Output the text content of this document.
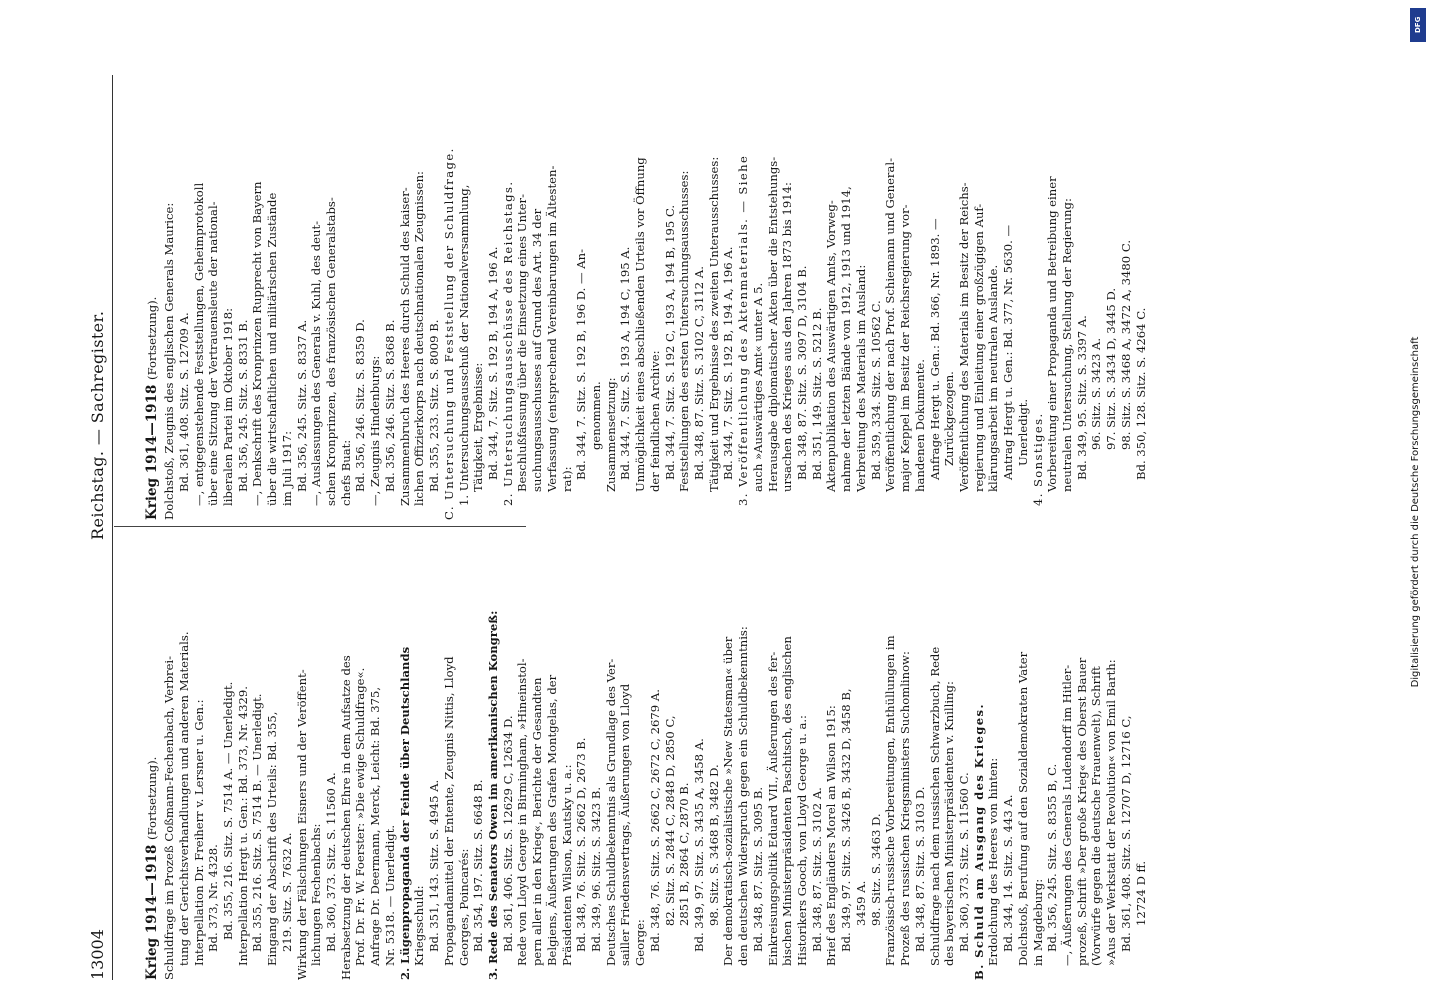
13004
Reichstag. — Sachregister.
Krieg 1914—1918 (Fortsetzung). Schuldfrage im Prozeß Coßmann-Fechenbach, Verbrei- tung der Gerichtsverhandlungen und anderen Materials. Interpellation Dr. Freiherr v. Lersner u. Gen.: Bd. 373, Nr. 4328. Bd. 355, 216. Sitz. S. 7514 A. — Unerledigt. Interpellation Hergt u. Gen.: Bd. 373, Nr. 4329. Bd. 355, 216. Sitz. S. 7514 B. — Unerledigt. Eingang der Abschrift des Urteils: Bd. 355, 219. Sitz. S. 7632 A. Wirkung der Fälschungen Eisners und der Veröffent- lichungen Fechenbachs: Bd. 360, 373. Sitz. S. 11560 A. Herabsetzung der deutschen Ehre in dem Aufsatze des Prof. Dr. Fr. W. Foerster: »Die ewige Schuldfrage«. Anfrage Dr. Deermann, Merck, Leicht: Bd. 375, Nr. 5318. — Unerledigt. 2. Lügenpropaganda der Feinde über Deutschlands Kriegsschuld: Bd. 351, 143. Sitz. S. 4945 A. Propagandamittel der Entente, Zeugnis Nittis, Lloyd Georges, Poincarés: Bd. 354, 197. Sitz. S. 6648 B. 3. Rede des Senators Owen im amerikanischen Kongreß: Bd. 361, 406. Sitz. S. 12629 C, 12634 D. Rede von Lloyd George in Birmingham, »Hineinstol- pern aller in den Krieg«, Berichte der Gesandten Belgiens, Äußerungen des Grafen Montgelas, der Präsidenten Wilson, Kautsky u. a.: Bd. 348, 76. Sitz. S. 2662 D, 2673 B. Bd. 349, 96. Sitz. S. 3423 B. Deutsches Schuldbekenntnis als Grundlage des Ver- sailler Friedensvertrags, Äußerungen von Lloyd George: Bd. 348, 76. Sitz. S. 2662 C, 2672 C, 2679 A. 82. Sitz. S. 2844 C, 2848 D, 2850 C, 2851 B, 2864 C, 2870 B. Bd. 349, 97. Sitz. S. 3435 A, 3458 A. 98. Sitz. S. 3468 B, 3482 D. Der demokratisch-sozialistische »New Statesman« über den deutschen Widerspruch gegen ein Schuldbekenntnis: Bd. 348, 87. Sitz. S. 3095 B. Einkreisungspolitik Eduard VII., Äußerungen des fer- bischen Ministerpräsidenten Paschitsch, des englischen Historikers Gooch, von Lloyd George u. a.: Bd. 348, 87. Sitz. S. 3102 A. Brief des Engländers Morel an Wilson 1915: Bd. 349, 97. Sitz. S. 3426 B, 3432 D, 3458 B, 3459 A. 98. Sitz. S. 3463 D. Französisch-russische Vorbereitungen, Enthüllungen im Prozeß des russischen Kriegsministers Suchomlinow: Bd. 348, 87. Sitz. S. 3103 D. Schuldfrage nach dem russischen Schwarzbuch, Rede des bayerischen Ministerpräsidenten v. Knilling: Bd. 360, 373. Sitz. S. 11560 C. B. Schuld am Ausgang des Krieges. Erdolchung des Heeres von hinten: Bd. 344, 14. Sitz. S. 443 A. Dolchstoß, Berufung auf den Sozialdemokraten Vater in Magdeburg: Bd. 356, 245. Sitz. S. 8355 B, C. —, Äußerungen des Generals Ludendorff im Hitler- prozeß, Schrift »Der große Krieg« des Oberst Bauer (Vorwürfe gegen die deutsche Frauenwelt), Schrift »Aus der Werkstatt der Revolution« von Emil Barth: Bd. 361, 408. Sitz. S. 12707 D, 12716 C, 12724 D ff.
Krieg 1914—1918 (Fortsetzung). Dolchstoß, Zeugnis des englischen Generals Maurice: Bd. 361, 408. Sitz. S. 12709 A. —, entgegenstehende Feststellungen, Geheimprotokoll über eine Sitzung der Vertrauensleute der national- liberalen Partei im Oktober 1918: Bd. 356, 245. Sitz. S. 8331 B. —, Denkschrift des Kronprinzen Rupprecht von Bayern über die wirtschaftlichen und militärischen Zustände im Juli 1917: Bd. 356, 245. Sitz. S. 8337 A. —, Auslassungen des Generals v. Kuhl, des deut- schen Kronprinzen, des französischen Generalstabs- chefs Buat: Bd. 356, 246. Sitz. S. 8359 D. —, Zeugnis Hindenburgs: Bd. 356, 246. Sitz. S. 8368 B. Zusammenbruch des Heeres durch Schuld des kaiser- lichen Offizierkorps nach deutschnationalen Zeugnissen: Bd. 355, 233. Sitz. S. 8009 B. C. Untersuchung und Feststellung der Schuldfrage. 1. Untersuchungsausschuß der Nationalversammlung, Tätigkeit, Ergebnisse: Bd. 344, 7. Sitz. S. 192 B, 194 A, 196 A. 2. Untersuchungsausschüsse des Reichstags. Beschlußfassung über die Einsetzung eines Unter- suchungsausschusses auf Grund des Art. 34 der Verfassung (entsprechend Vereinbarungen im Ältesten- rat): Bd. 344, 7. Sitz. S. 192 B, 196 D. — An- genommen. Zusammensetzung: Bd. 344, 7. Sitz. S. 193 A, 194 C, 195 A. Unmöglichkeit eines abschließenden Urteils vor Öffnung der feindlichen Archive: Bd. 344, 7. Sitz. S. 192 C, 193 A, 194 B, 195 C. Feststellungen des ersten Untersuchungsausschusses: Bd. 348, 87. Sitz. S. 3102 C, 3112 A. Tätigkeit und Ergebnisse des zweiten Unterausschusses: Bd. 344, 7. Sitz. S. 192 B, 194 A, 196 A. 3. Veröffentlichung des Aktenmaterials. — Siehe auch »Auswärtiges Amt« unter A 5. Herausgabe diplomatischer Akten über die Entstehungs- ursachen des Krieges aus den Jahren 1873 bis 1914: Bd. 348, 87. Sitz. S. 3097 D, 3104 B. Bd. 351, 149. Sitz. S. 5212 B. Aktenpublikation des Auswärtigen Amts, Vorweg- nahme der letzten Bände von 1912, 1913 und 1914, Verbreitung des Materials im Ausland: Bd. 359, 334. Sitz. S. 10562 C. Veröffentlichung der nach Prof. Schiemann und General- major Keppel im Besitz der Reichsregierung vor- handenen Dokumente. Anfrage Hergt u. Gen.: Bd. 366, Nr. 1893. — Zurückgezogen. Veröffentlichung des Materials im Besitz der Reichs- regierung und Einleitung einer großzügigen Auf- klärungsarbeit im neutralen Auslande. Antrag Hergt u. Gen.: Bd. 377, Nr. 5630. — Unerledigt. 4. Sonstiges. Vorbereitung einer Propaganda und Betreibung einer neutralen Untersuchung, Stellung der Regierung: Bd. 349, 95. Sitz. S. 3397 A. 96. Sitz. S. 3423 A. 97. Sitz. S. 3434 D, 3445 D. 98. Sitz. S. 3468 A, 3472 A, 3480 C. Bd. 350, 128. Sitz. S. 4264 C.	Digitalisierung gefördert durch die Deutsche Forschungsgemeinschaft
DFG
